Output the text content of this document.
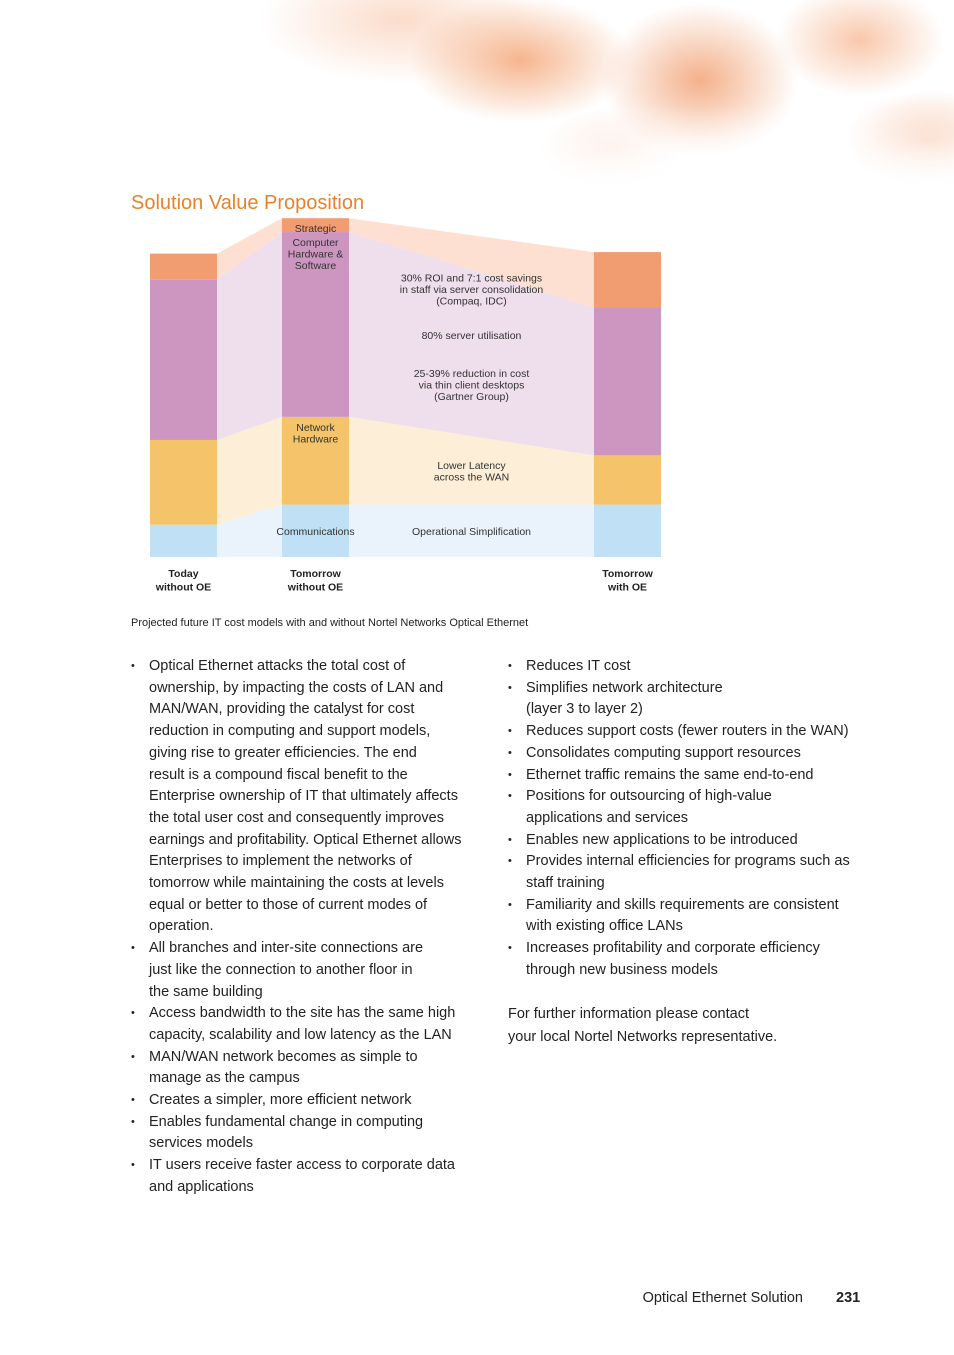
Solution Value Proposition
Communications
Network
Hardware
Computer
Hardware &
Software
Strategic
30% ROI and 7:1 cost savings
in staff via server consolidation
(Compaq, IDC)
80% server utilisation
25-39% reduction in cost
via thin client desktops
(Gartner Group)
Lower Latency
across the WAN
Operational Simplification
Today
without OE
Tomorrow
without OE
Tomorrow
with OE
Projected future IT cost models with and without Nortel Networks Optical Ethernet
• Optical Ethernet attacks the total cost of
ownership, by impacting the costs of LAN and
MAN/WAN, providing the catalyst for cost
reduction in computing and support models,
giving rise to greater efficiencies. The end
result is a compound fiscal benefit to the
Enterprise ownership of IT that ultimately affects
the total user cost and consequently improves
earnings and profitability. Optical Ethernet allows
Enterprises to implement the networks of
tomorrow while maintaining the costs at levels
equal or better to those of current modes of
operation.
• All branches and inter-site connections are
just like the connection to another floor in
the same building
• Access bandwidth to the site has the same high
capacity, scalability and low latency as the LAN
• MAN/WAN network becomes as simple to
manage as the campus
• Creates a simpler, more efficient network
• Enables fundamental change in computing
services models
• IT users receive faster access to corporate data
and applications
• Reduces IT cost
• Simplifies network architecture
(layer 3 to layer 2)
• Reduces support costs (fewer routers in the WAN)
• Consolidates computing support resources
• Ethernet traffic remains the same end-to-end
• Positions for outsourcing of high-value
applications and services
• Enables new applications to be introduced
• Provides internal efficiencies for programs such as
staff training
• Familiarity and skills requirements are consistent
with existing office LANs
• Increases profitability and corporate efficiency
through new business models
For further information please contact
your local Nortel Networks representative.
Optical Ethernet Solution 231
